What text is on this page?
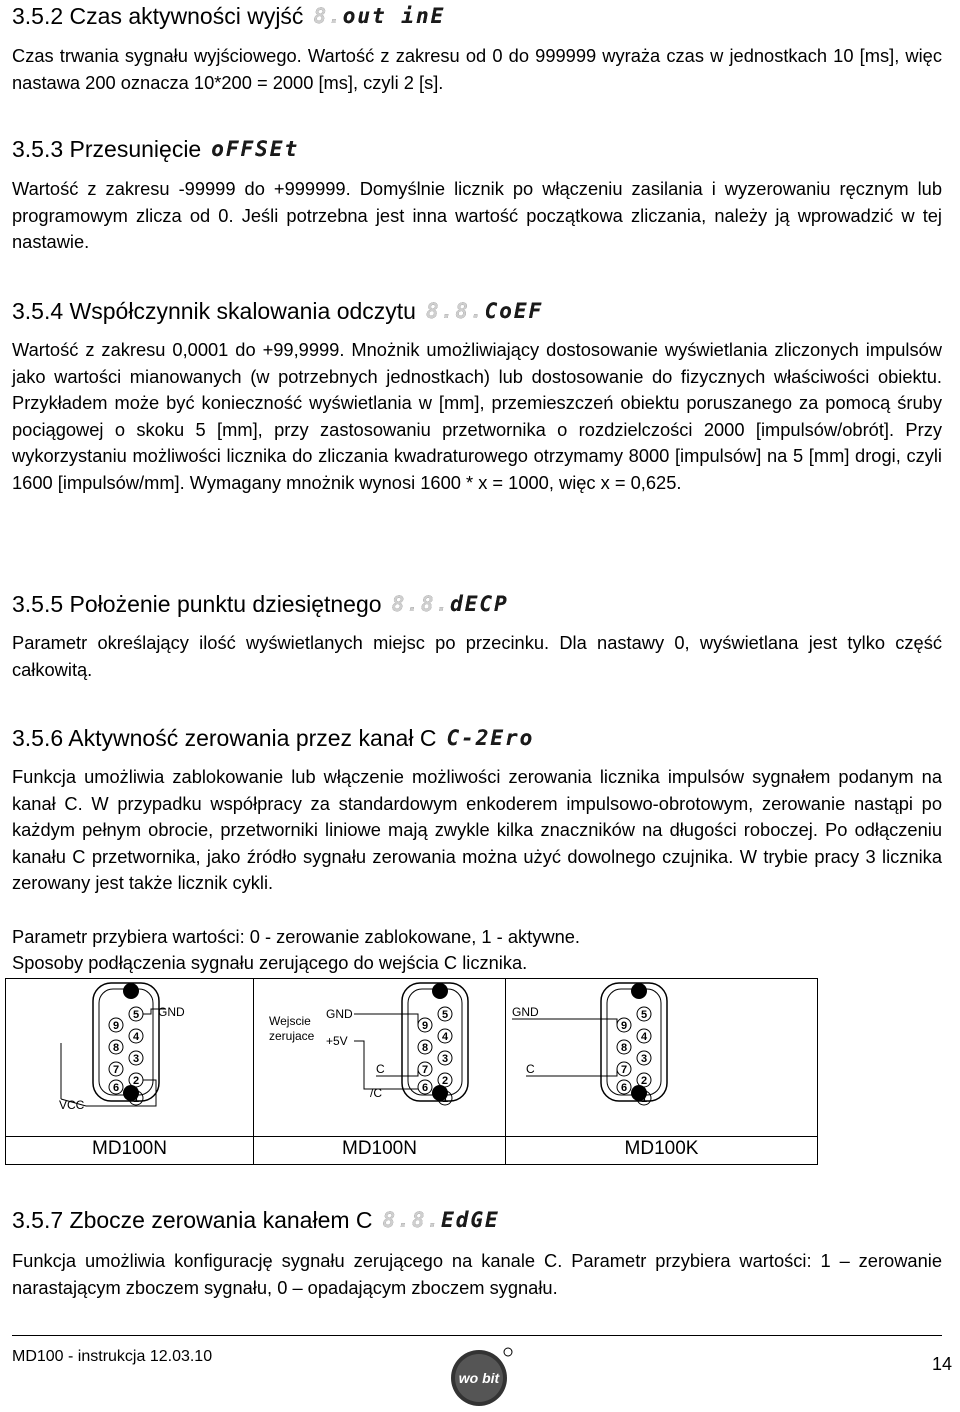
3.5.2 Czas aktywności wyjść 8.out inE
Czas trwania sygnału wyjściowego. Wartość z zakresu od 0 do 999999 wyraża czas w jednostkach 10 [ms], więc nastawa 200 oznacza 10*200 = 2000 [ms], czyli 2 [s].
3.5.3 Przesunięcie oFFSEt
Wartość z zakresu -99999 do +999999. Domyślnie licznik po włączeniu zasilania i wyzerowaniu ręcznym lub programowym zlicza od 0. Jeśli potrzebna jest inna wartość początkowa zliczania, należy ją wprowadzić w tej nastawie.
3.5.4 Współczynnik skalowania odczytu 8.8.CoEF
Wartość z zakresu 0,0001 do +99,9999. Mnożnik umożliwiający dostosowanie wyświetlania zliczonych impulsów jako wartości mianowanych (w potrzebnych jednostkach) lub dostosowanie do fizycznych właściwości obiektu. Przykładem może być konieczność wyświetlania w [mm], przemieszczeń obiektu poruszanego za pomocą śruby pociągowej o skoku 5 [mm], przy zastosowaniu przetwornika o rozdzielczości 2000 [impulsów/obrót]. Przy wykorzystaniu możliwości licznika do zliczania kwadraturowego otrzymamy 8000 [impulsów] na 5 [mm] drogi, czyli 1600 [impulsów/mm]. Wymagany mnożnik wynosi 1600 * x = 1000, więc x = 0,625.
3.5.5 Położenie punktu dziesiętnego 8.8.dECP
Parametr określający ilość wyświetlanych miejsc po przecinku. Dla nastawy 0, wyświetlana jest tylko część całkowitą.
3.5.6 Aktywność zerowania przez kanał C C-2Ero
Funkcja umożliwia zablokowanie lub włączenie możliwości zerowania licznika impulsów sygnałem podanym na kanał C. W przypadku współpracy za standardowym enkoderem impulsowo-obrotowym, zerowanie nastąpi po każdym pełnym obrocie, przetworniki liniowe mają zwykle kilka znaczników na długości roboczej. Po odłączeniu kanału C przetwornika, jako źródło sygnału zerowania można użyć dowolnego czujnika. W trybie pracy 3 licznika zerowany jest także licznik cykli.
Parametr przybiera wartości: 0 - zerowanie zablokowane, 1 - aktywne.
Sposoby podłączenia sygnału zerującego do wejścia C licznika.
5
4
3
2
1
9
8
7
6
GND
VCC
MD100N
5
4
3
2
1
9
8
7
6
Wejscie
zerujace
GND
+5V
C
/C
MD100N
5
4
3
2
1
9
8
7
6
GND
C
MD100K
3.5.7 Zbocze zerowania kanałem C 8.8.EdGE
Funkcja umożliwia konfigurację sygnału zerującego na kanale C. Parametr przybiera wartości: 1 – zerowanie narastającym zboczem sygnału, 0 – opadającym zboczem sygnału.
MD100 - instrukcja 12.03.10
wo bit
14
